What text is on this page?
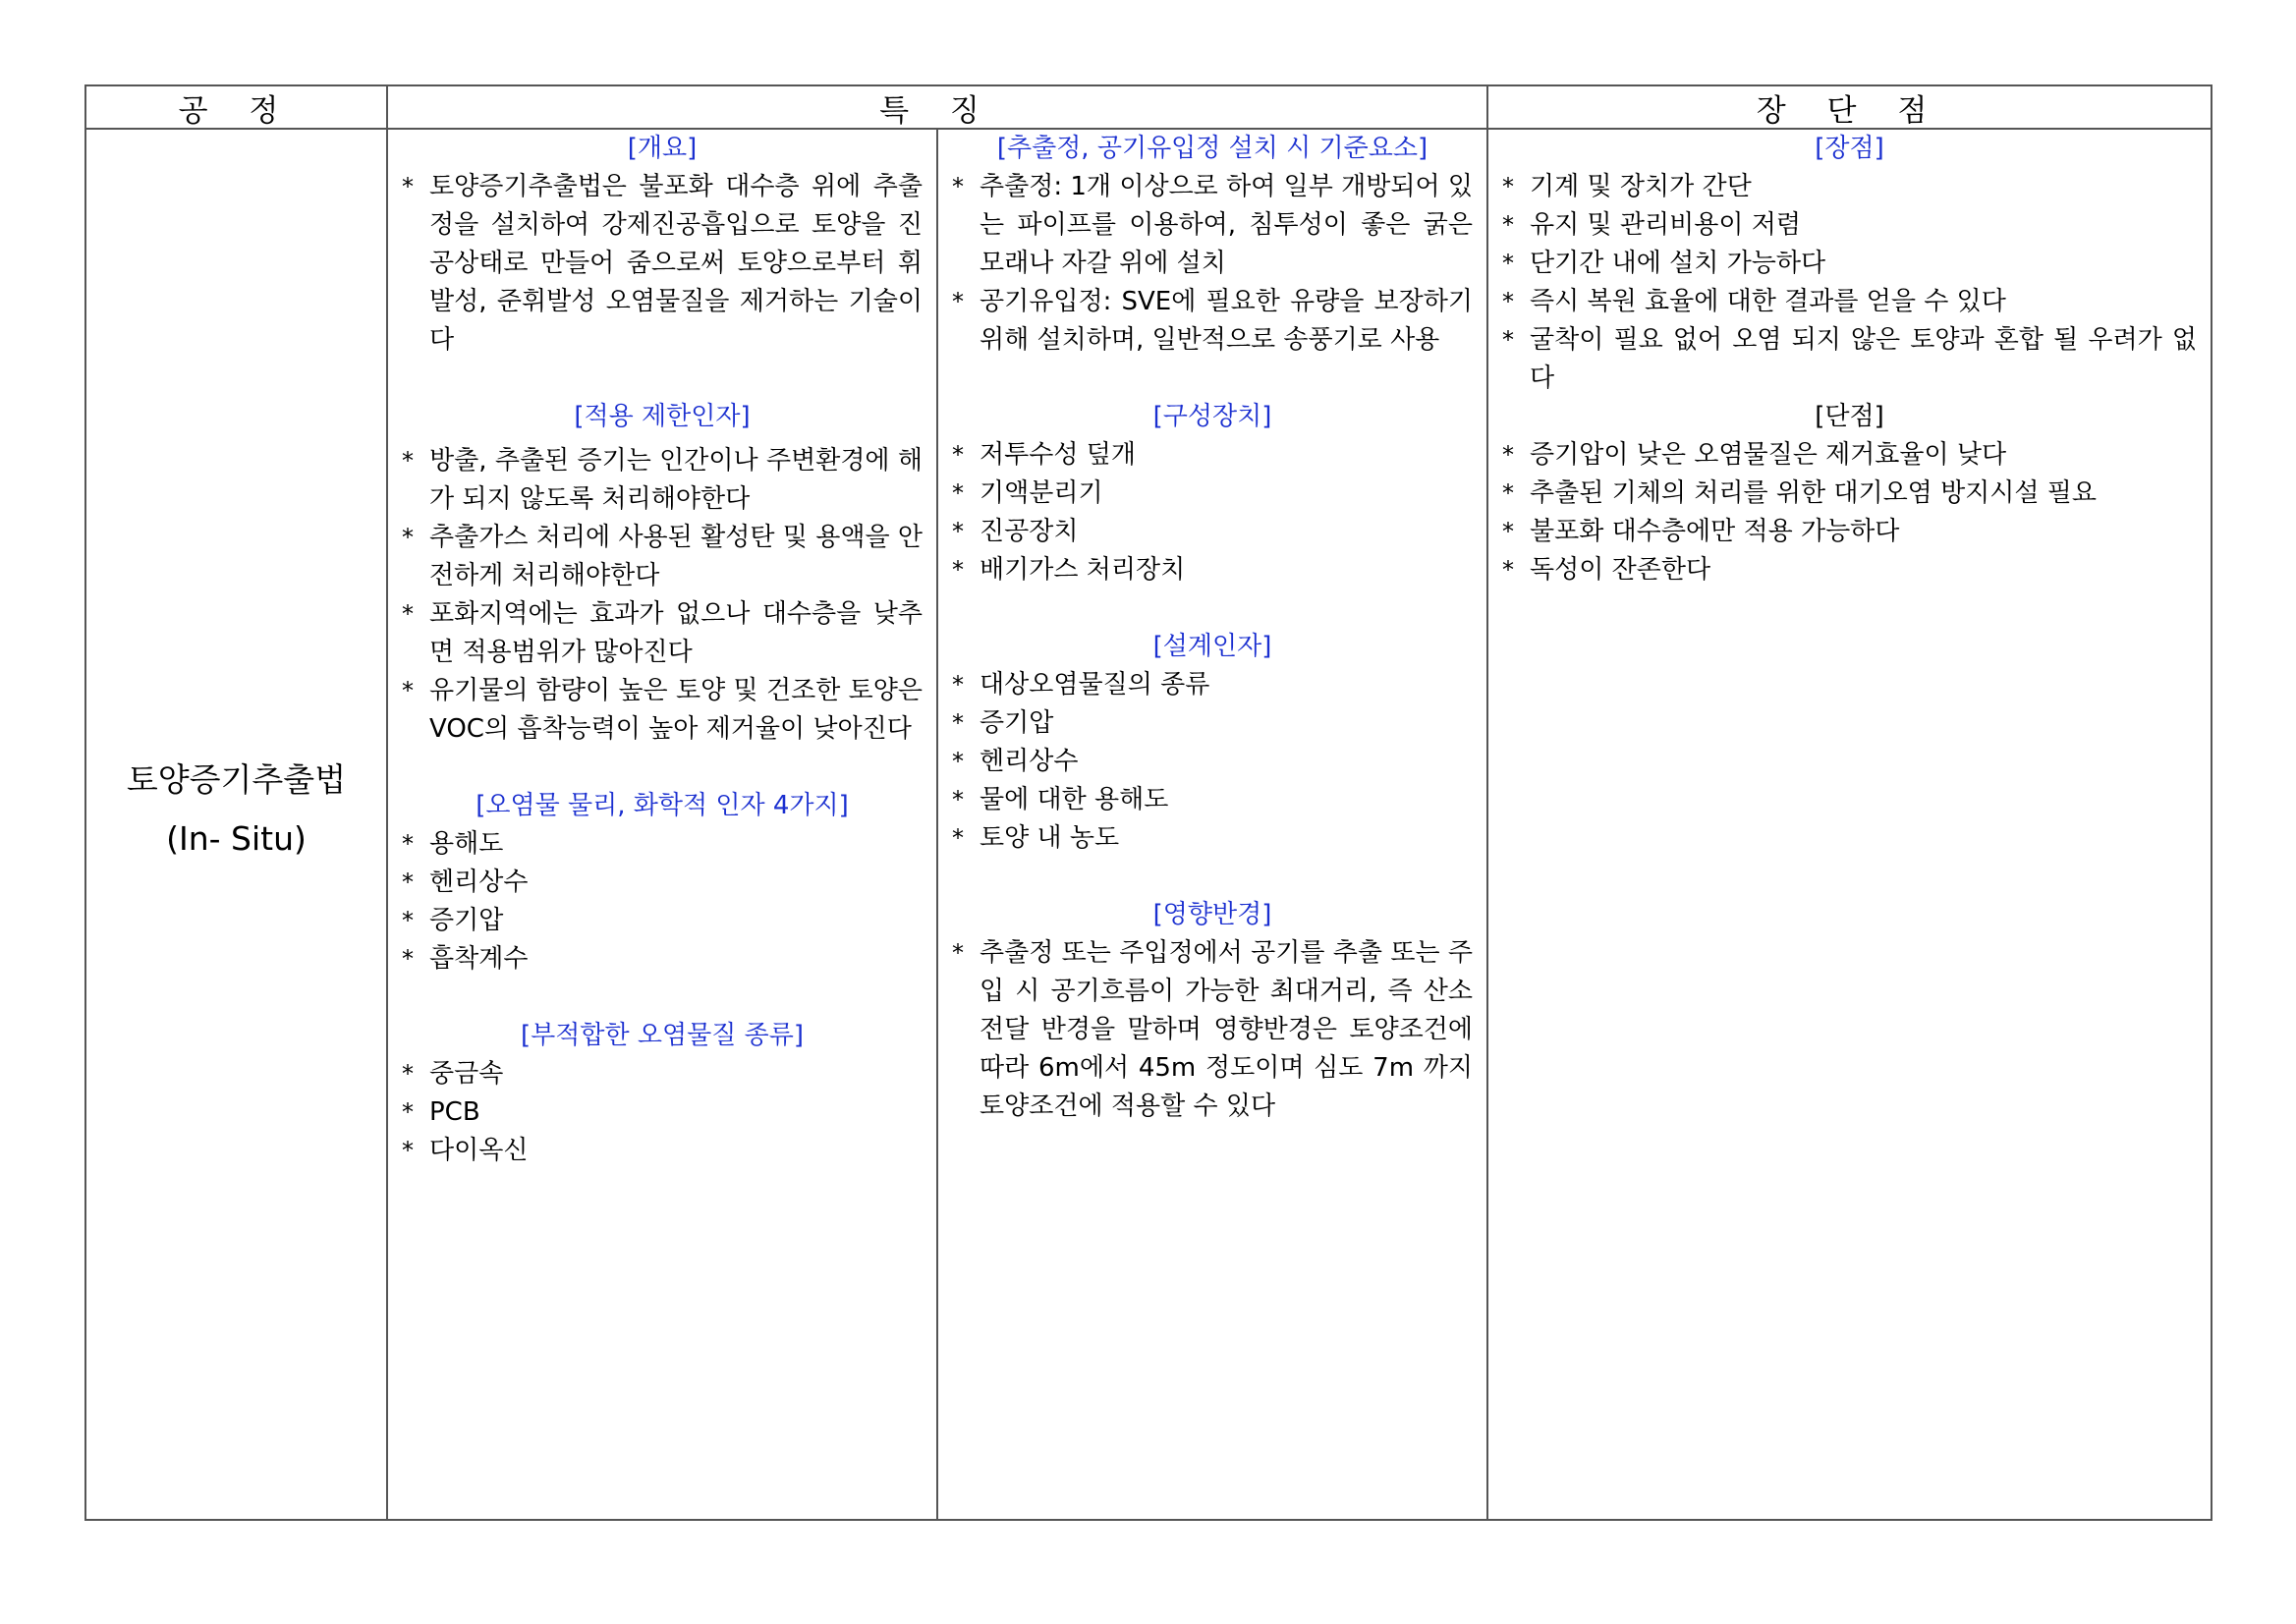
공 정	특 징	장 단 점
토양증기추출법
(In- Situ)
[개요]
* 토양증기추출법은 불포화 대수층 위에 추출정을 설치하여 강제진공흡입으로 토양을 진공상태로 만들어 줌으로써 토양으로부터 휘발성, 준휘발성 오염물질을 제거하는 기술이다
[적용 제한인자]
* 방출, 추출된 증기는 인간이나 주변환경에 해가 되지 않도록 처리해야한다
* 추출가스 처리에 사용된 활성탄 및 용액을 안전하게 처리해야한다
* 포화지역에는 효과가 없으나 대수층을 낮추면 적용범위가 많아진다
* 유기물의 함량이 높은 토양 및 건조한 토양은 VOC의 흡착능력이 높아 제거율이 낮아진다
[오염물 물리, 화학적 인자 4가지]
* 용해도
* 헨리상수
* 증기압
* 흡착계수
[부적합한 오염물질 종류]
* 중금속
* PCB
* 다이옥신
[추출정, 공기유입정 설치 시 기준요소]
* 추출정: 1개 이상으로 하여 일부 개방되어 있는 파이프를 이용하여, 침투성이 좋은 굵은 모래나 자갈 위에 설치
* 공기유입정: SVE에 필요한 유량을 보장하기 위해 설치하며, 일반적으로 송풍기로 사용
[구성장치]
* 저투수성 덮개
* 기액분리기
* 진공장치
* 배기가스 처리장치
[설계인자]
* 대상오염물질의 종류
* 증기압
* 헨리상수
* 물에 대한 용해도
* 토양 내 농도
[영향반경]
* 추출정 또는 주입정에서 공기를 추출 또는 주입 시 공기흐름이 가능한 최대거리, 즉 산소전달 반경을 말하며 영향반경은 토양조건에 따라 6m에서 45m 정도이며 심도 7m 까지 토양조건에 적용할 수 있다
[장점]
* 기계 및 장치가 간단
* 유지 및 관리비용이 저렴
* 단기간 내에 설치 가능하다
* 즉시 복원 효율에 대한 결과를 얻을 수 있다
* 굴착이 필요 없어 오염 되지 않은 토양과 혼합 될 우려가 없다
[단점]
* 증기압이 낮은 오염물질은 제거효율이 낮다
* 추출된 기체의 처리를 위한 대기오염 방지시설 필요
* 불포화 대수층에만 적용 가능하다
* 독성이 잔존한다
